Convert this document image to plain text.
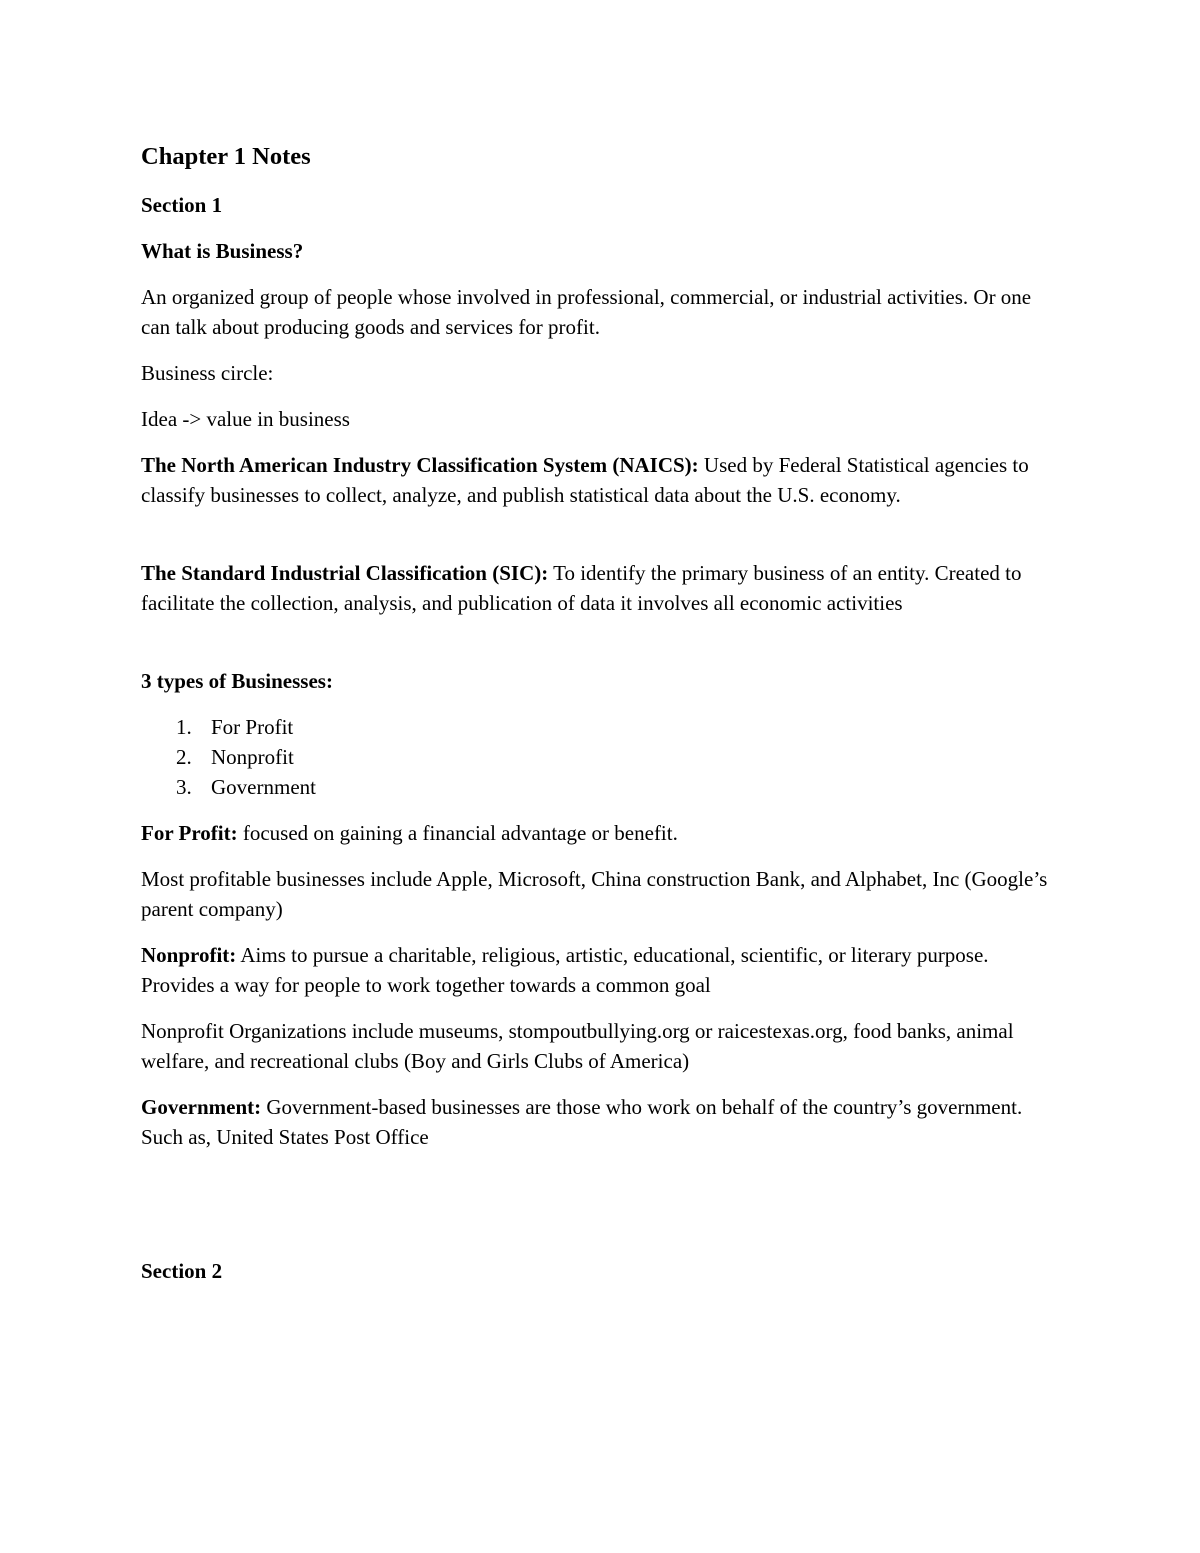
Chapter 1 Notes
Section 1
What is Business?

An organized group of people whose involved in professional, commercial, or industrial activities. Or one can talk about producing goods and services for profit.

Business circle:

Idea -> value in business

The North American Industry Classification System (NAICS): Used by Federal Statistical agencies to classify businesses to collect, analyze, and publish statistical data about the U.S. economy.

The Standard Industrial Classification (SIC): To identify the primary business of an entity. Created to facilitate the collection, analysis, and publication of data it involves all economic activities

3 types of Businesses:
1. For Profit
2. Nonprofit
3. Government

For Profit: focused on gaining a financial advantage or benefit.

Most profitable businesses include Apple, Microsoft, China construction Bank, and Alphabet, Inc (Google’s parent company)

Nonprofit: Aims to pursue a charitable, religious, artistic, educational, scientific, or literary purpose. Provides a way for people to work together towards a common goal

Nonprofit Organizations include museums, stompoutbullying.org or raicestexas.org, food banks, animal welfare, and recreational clubs (Boy and Girls Clubs of America)

Government: Government-based businesses are those who work on behalf of the country’s government. Such as, United States Post Office

Section 2
